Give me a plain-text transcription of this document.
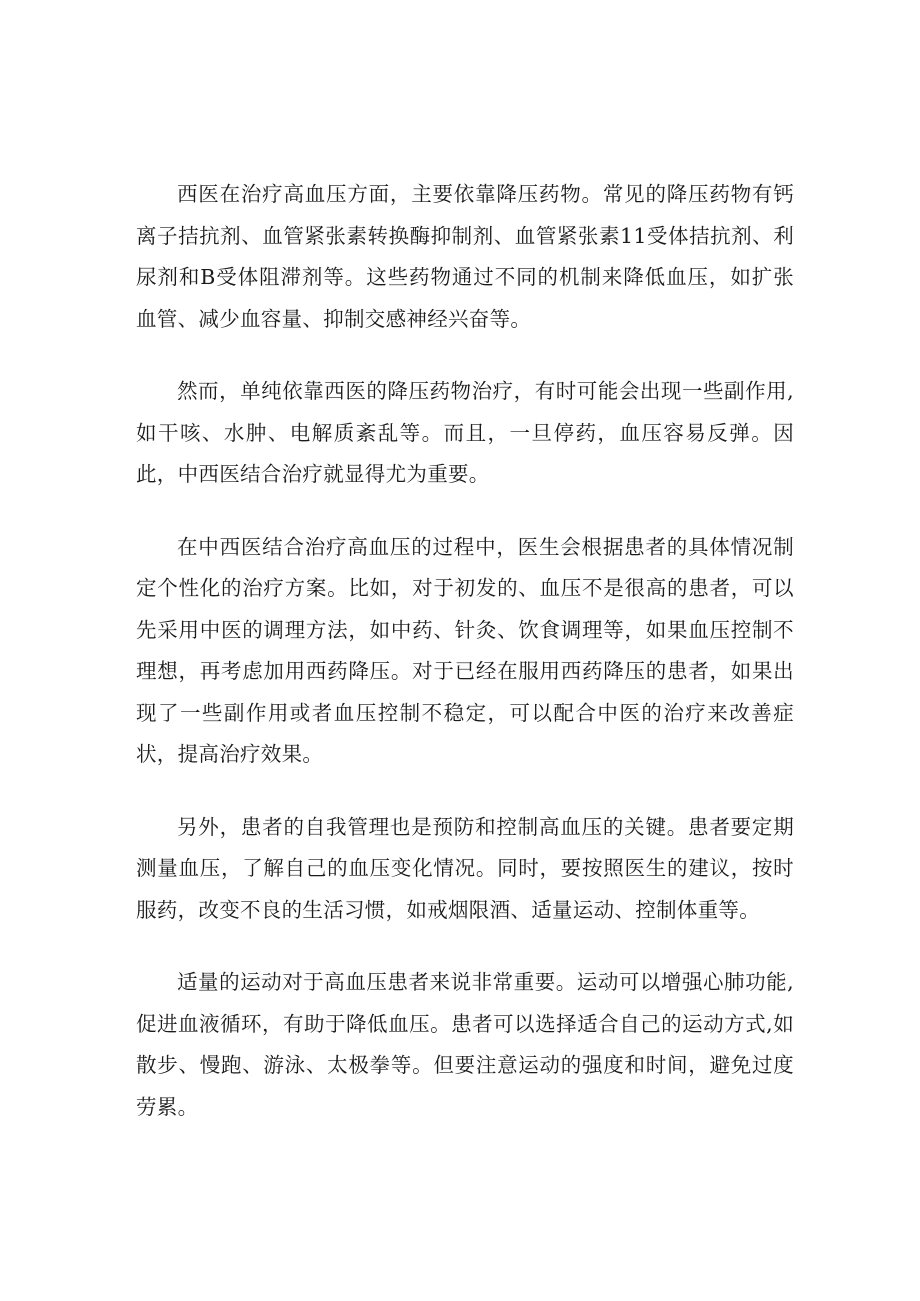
西医在治疗高血压方面，主要依靠降压药物。常见的降压药物有钙离子拮抗剂、血管紧张素转换酶抑制剂、血管紧张素11受体拮抗剂、利尿剂和B受体阻滞剂等。这些药物通过不同的机制来降低血压，如扩张血管、减少血容量、抑制交感神经兴奋等。

然而，单纯依靠西医的降压药物治疗，有时可能会出现一些副作用,如干咳、水肿、电解质紊乱等。而且，一旦停药，血压容易反弹。因此，中西医结合治疗就显得尤为重要。

在中西医结合治疗高血压的过程中，医生会根据患者的具体情况制定个性化的治疗方案。比如，对于初发的、血压不是很高的患者，可以先采用中医的调理方法，如中药、针灸、饮食调理等，如果血压控制不理想，再考虑加用西药降压。对于已经在服用西药降压的患者，如果出现了一些副作用或者血压控制不稳定，可以配合中医的治疗来改善症状，提高治疗效果。

另外，患者的自我管理也是预防和控制高血压的关键。患者要定期测量血压，了解自己的血压变化情况。同时，要按照医生的建议，按时服药，改变不良的生活习惯，如戒烟限酒、适量运动、控制体重等。

适量的运动对于高血压患者来说非常重要。运动可以增强心肺功能,促进血液循环，有助于降低血压。患者可以选择适合自己的运动方式,如散步、慢跑、游泳、太极拳等。但要注意运动的强度和时间，避免过度劳累。
